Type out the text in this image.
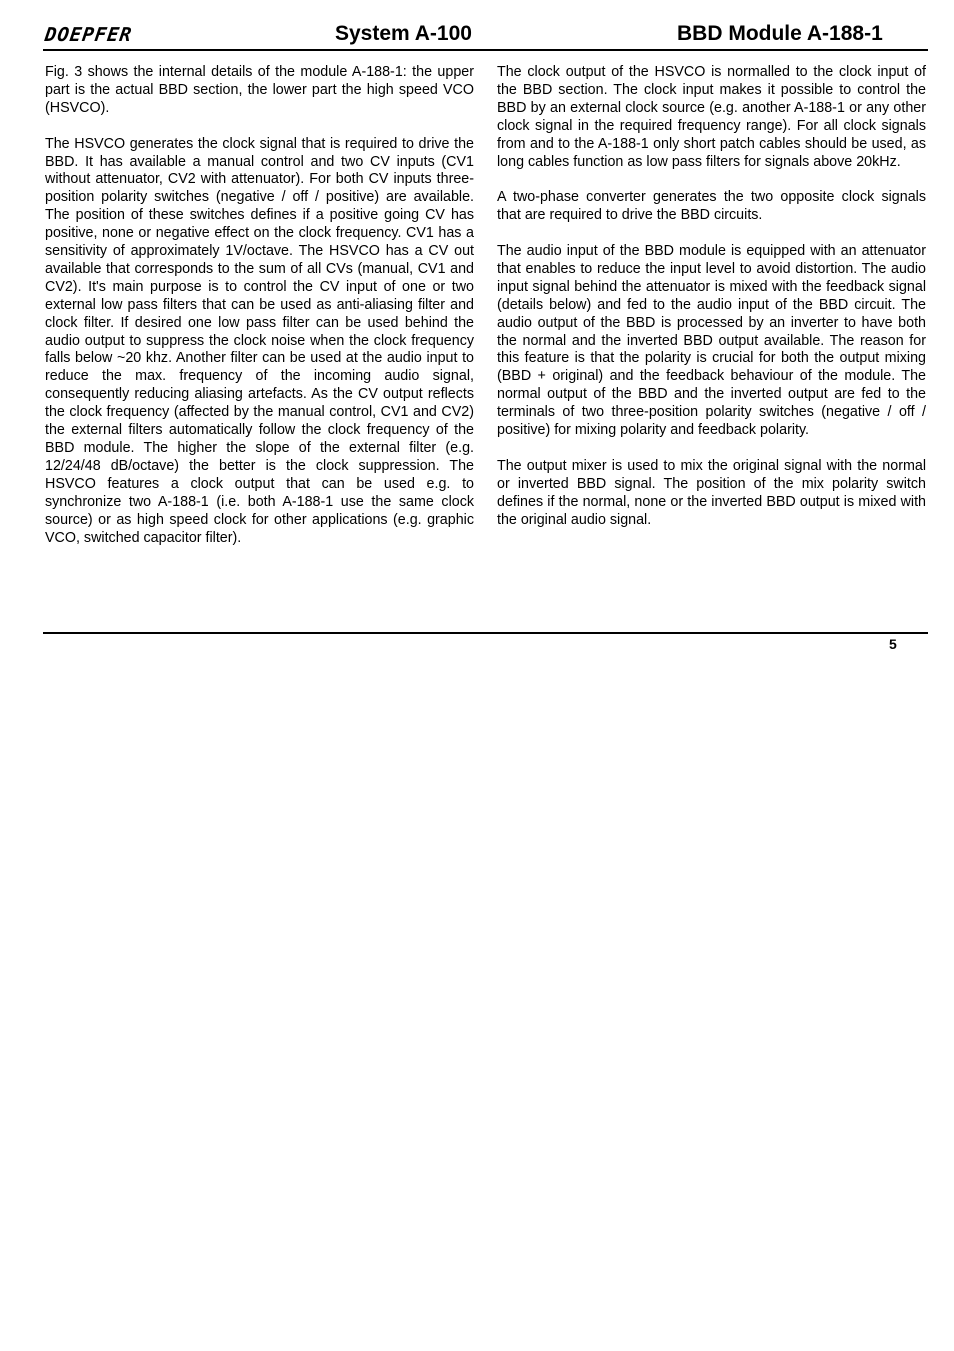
DOEPFER	System A-100	BBD Module A-188-1

Fig. 3 shows the internal details of the module A-188-1: the upper part is the actual BBD section, the lower part the high speed VCO (HSVCO).

The HSVCO generates the clock signal that is required to drive the BBD. It has available a manual control and two CV inputs (CV1 without attenuator, CV2 with attenuator). For both CV inputs three-position polarity switches (negative / off / positive) are available. The position of these switches defines if a positive going CV has positive, none or negative effect on the clock frequency. CV1 has a sensitivity of approximately 1V/octave. The HSVCO has a CV out available that corresponds to the sum of all CVs (manual, CV1 and CV2). It's main purpose is to control the CV input of one or two external low pass filters that can be used as anti-aliasing filter and clock filter. If desired one low pass filter can be used behind the audio output to suppress the clock noise when the clock frequency falls below ~20 khz. Another filter can be used at the audio input to reduce the max. frequency of the incoming audio signal, consequently reducing aliasing artefacts. As the CV output reflects the clock frequency (affected by the manual control, CV1 and CV2) the external filters automatically follow the clock frequency of the BBD module. The higher the slope of the external filter (e.g. 12/24/48 dB/octave) the better is the clock suppression. The HSVCO features a clock output that can be used e.g. to synchronize two A-188-1 (i.e. both A-188-1 use the same clock source) or as high speed clock for other applications (e.g. graphic VCO, switched capacitor filter).

The clock output of the HSVCO is normalled to the clock input of the BBD section. The clock input makes it possible to control the BBD by an external clock source (e.g. another A-188-1 or any other clock signal in the required frequency range). For all clock signals from and to the A-188-1 only short patch cables should be used, as long cables function as low pass filters for signals above 20kHz.

A two-phase converter generates the two opposite clock signals that are required to drive the BBD circuits.

The audio input of the BBD module is equipped with an attenuator that enables to reduce the input level to avoid distortion. The audio input signal behind the attenuator is mixed with the feedback signal (details below) and fed to the audio input of the BBD circuit. The audio output of the BBD is processed by an inverter to have both the normal and the inverted BBD output available. The reason for this feature is that the polarity is crucial for both the output mixing (BBD + original) and the feedback behaviour of the module. The normal output of the BBD and the inverted output are fed to the terminals of two three-position polarity switches (negative / off / positive) for mixing polarity and feedback polarity.

The output mixer is used to mix the original signal with the normal or inverted BBD signal. The position of the mix polarity switch defines if the normal, none or the inverted BBD output is mixed with the original audio signal.

5
